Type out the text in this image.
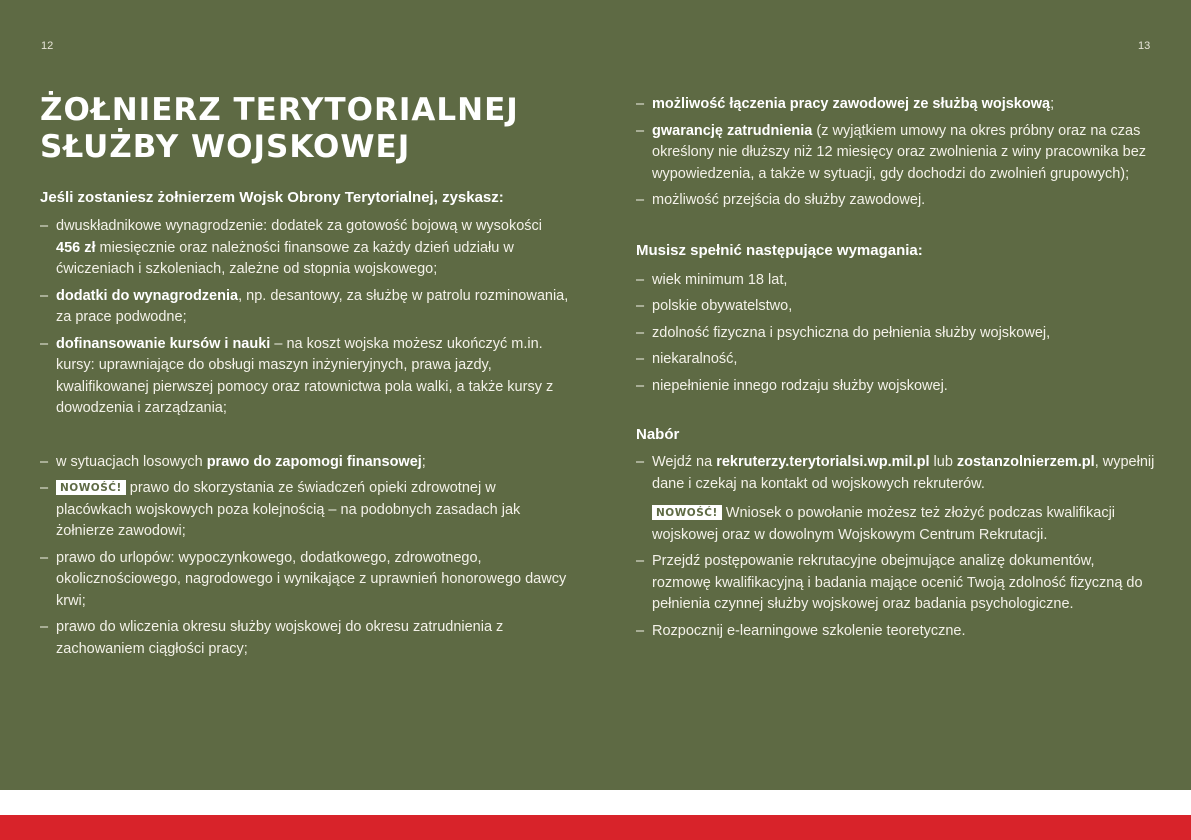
12	13
ŻOŁNIERZ TERYTORIALNEJ
SŁUŻBY WOJSKOWEJ

Jeśli zostaniesz żołnierzem Wojsk Obrony Terytorialnej, zyskasz:

– dwuskładnikowe wynagrodzenie: dodatek za gotowość bojową w wysokości 456 zł miesięcznie oraz należności finansowe za każdy dzień udziału w ćwiczeniach i szkoleniach, zależne od stopnia wojskowego;
– dodatki do wynagrodzenia, np. desantowy, za służbę w patrolu rozminowania, za prace podwodne;
– dofinansowanie kursów i nauki – na koszt wojska możesz ukończyć m.in. kursy: uprawniające do obsługi maszyn inżynieryjnych, prawa jazdy, kwalifikowanej pierwszej pomocy oraz ratownictwa pola walki, a także kursy z dowodzenia i zarządzania;
– w sytuacjach losowych prawo do zapomogi finansowej;
– NOWOŚĆ! prawo do skorzystania ze świadczeń opieki zdrowotnej w placówkach wojskowych poza kolejnością – na podobnych zasadach jak żołnierze zawodowi;
– prawo do urlopów: wypoczynkowego, dodatkowego, zdrowotnego, okolicznościowego, nagrodowego i wynikające z uprawnień honorowego dawcy krwi;
– prawo do wliczenia okresu służby wojskowej do okresu zatrudnienia z zachowaniem ciągłości pracy;
– możliwość łączenia pracy zawodowej ze służbą wojskową;
– gwarancję zatrudnienia (z wyjątkiem umowy na okres próbny oraz na czas określony nie dłuższy niż 12 miesięcy oraz zwolnienia z winy pracownika bez wypowiedzenia, a także w sytuacji, gdy dochodzi do zwolnień grupowych);
– możliwość przejścia do służby zawodowej.

Musisz spełnić następujące wymagania:

– wiek minimum 18 lat,
– polskie obywatelstwo,
– zdolność fizyczna i psychiczna do pełnienia służby wojskowej,
– niekaralność,
– niepełnienie innego rodzaju służby wojskowej.

Nabór

– Wejdź na rekruterzy.terytorialsi.wp.mil.pl lub zostanzolnierzem.pl, wypełnij dane i czekaj na kontakt od wojskowych rekruterów.
NOWOŚĆ! Wniosek o powołanie możesz też złożyć podczas kwalifikacji wojskowej oraz w dowolnym Wojskowym Centrum Rekrutacji.
– Przejdź postępowanie rekrutacyjne obejmujące analizę dokumentów, rozmowę kwalifikacyjną i badania mające ocenić Twoją zdolność fizyczną do pełnienia czynnej służby wojskowej oraz badania psychologiczne.
– Rozpocznij e-learningowe szkolenie teoretyczne.
